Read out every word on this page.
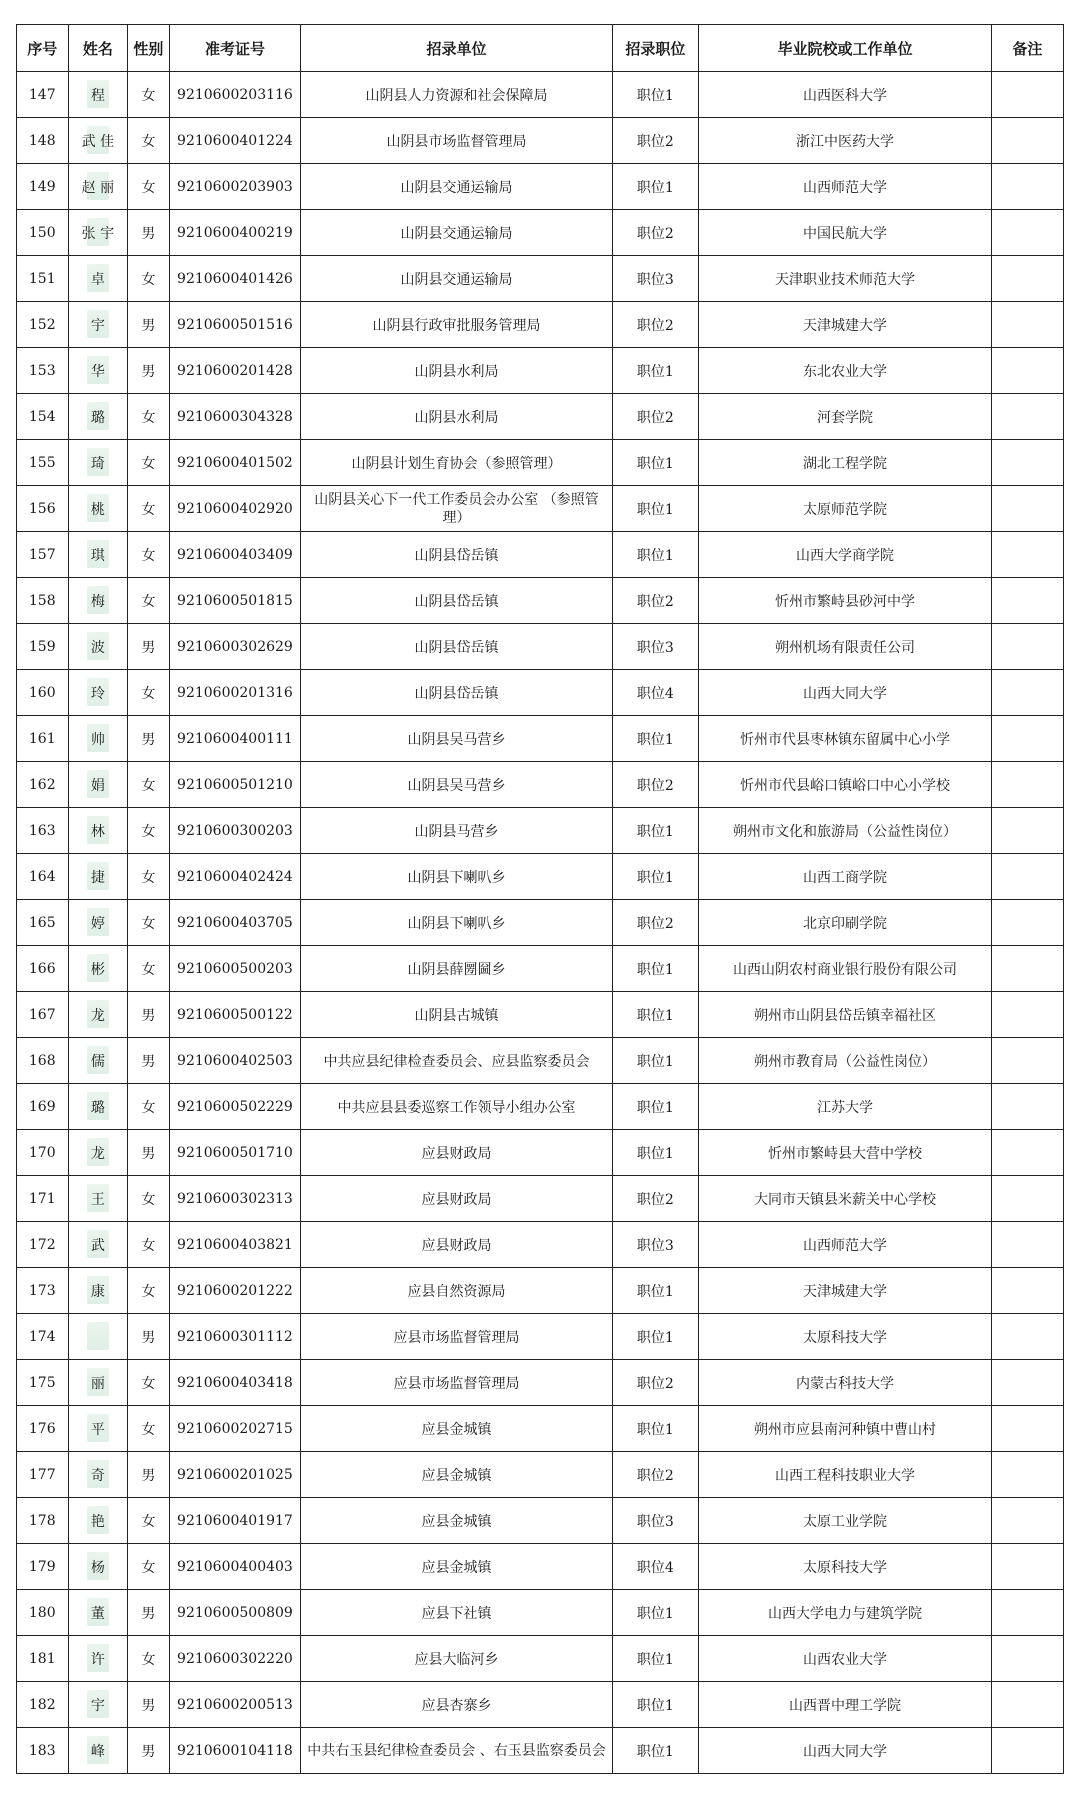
序号	姓名	性别	准考证号	招录单位	招录职位	毕业院校或工作单位	备注
147	程	女	9210600203116	山阴县人力资源和社会保障局	职位1	山西医科大学	
148	武 佳	女	9210600401224	山阴县市场监督管理局	职位2	浙江中医药大学	
149	赵 丽	女	9210600203903	山阴县交通运输局	职位1	山西师范大学	
150	张 宇	男	9210600400219	山阴县交通运输局	职位2	中国民航大学	
151	卓	女	9210600401426	山阴县交通运输局	职位3	天津职业技术师范大学	
152	宇	男	9210600501516	山阴县行政审批服务管理局	职位2	天津城建大学	
153	华	男	9210600201428	山阴县水利局	职位1	东北农业大学	
154	璐	女	9210600304328	山阴县水利局	职位2	河套学院	
155	琦	女	9210600401502	山阴县计划生育协会（参照管理）	职位1	湖北工程学院	
156	桃	女	9210600402920	山阴县关心下一代工作委员会办公室 （参照管理）	职位1	太原师范学院	
157	琪	女	9210600403409	山阴县岱岳镇	职位1	山西大学商学院	
158	梅	女	9210600501815	山阴县岱岳镇	职位2	忻州市繁峙县砂河中学	
159	波	男	9210600302629	山阴县岱岳镇	职位3	朔州机场有限责任公司	
160	玲	女	9210600201316	山阴县岱岳镇	职位4	山西大同大学	
161	帅	男	9210600400111	山阴县吴马营乡	职位1	忻州市代县枣林镇东留属中心小学	
162	娟	女	9210600501210	山阴县吴马营乡	职位2	忻州市代县峪口镇峪口中心小学校	
163	林	女	9210600300203	山阴县马营乡	职位1	朔州市文化和旅游局（公益性岗位）	
164	捷	女	9210600402424	山阴县下喇叭乡	职位1	山西工商学院	
165	婷	女	9210600403705	山阴县下喇叭乡	职位2	北京印刷学院	
166	彬	女	9210600500203	山阴县薛圐圙乡	职位1	山西山阴农村商业银行股份有限公司	
167	龙	男	9210600500122	山阴县古城镇	职位1	朔州市山阴县岱岳镇幸福社区	
168	儒	男	9210600402503	中共应县纪律检查委员会、应县监察委员会	职位1	朔州市教育局（公益性岗位）	
169	璐	女	9210600502229	中共应县县委巡察工作领导小组办公室	职位1	江苏大学	
170	龙	男	9210600501710	应县财政局	职位1	忻州市繁峙县大营中学校	
171	王	女	9210600302313	应县财政局	职位2	大同市天镇县米薪关中心学校	
172	武	女	9210600403821	应县财政局	职位3	山西师范大学	
173	康	女	9210600201222	应县自然资源局	职位1	天津城建大学	
174		男	9210600301112	应县市场监督管理局	职位1	太原科技大学	
175	丽	女	9210600403418	应县市场监督管理局	职位2	内蒙古科技大学	
176	平	女	9210600202715	应县金城镇	职位1	朔州市应县南河种镇中曹山村	
177	奇	男	9210600201025	应县金城镇	职位2	山西工程科技职业大学	
178	艳	女	9210600401917	应县金城镇	职位3	太原工业学院	
179	杨	女	9210600400403	应县金城镇	职位4	太原科技大学	
180	董	男	9210600500809	应县下社镇	职位1	山西大学电力与建筑学院	
181	许	女	9210600302220	应县大临河乡	职位1	山西农业大学	
182	宇	男	9210600200513	应县杏寨乡	职位1	山西晋中理工学院	
183	峰	男	9210600104118	中共右玉县纪律检查委员会 、右玉县监察委员会	职位1	山西大同大学	
